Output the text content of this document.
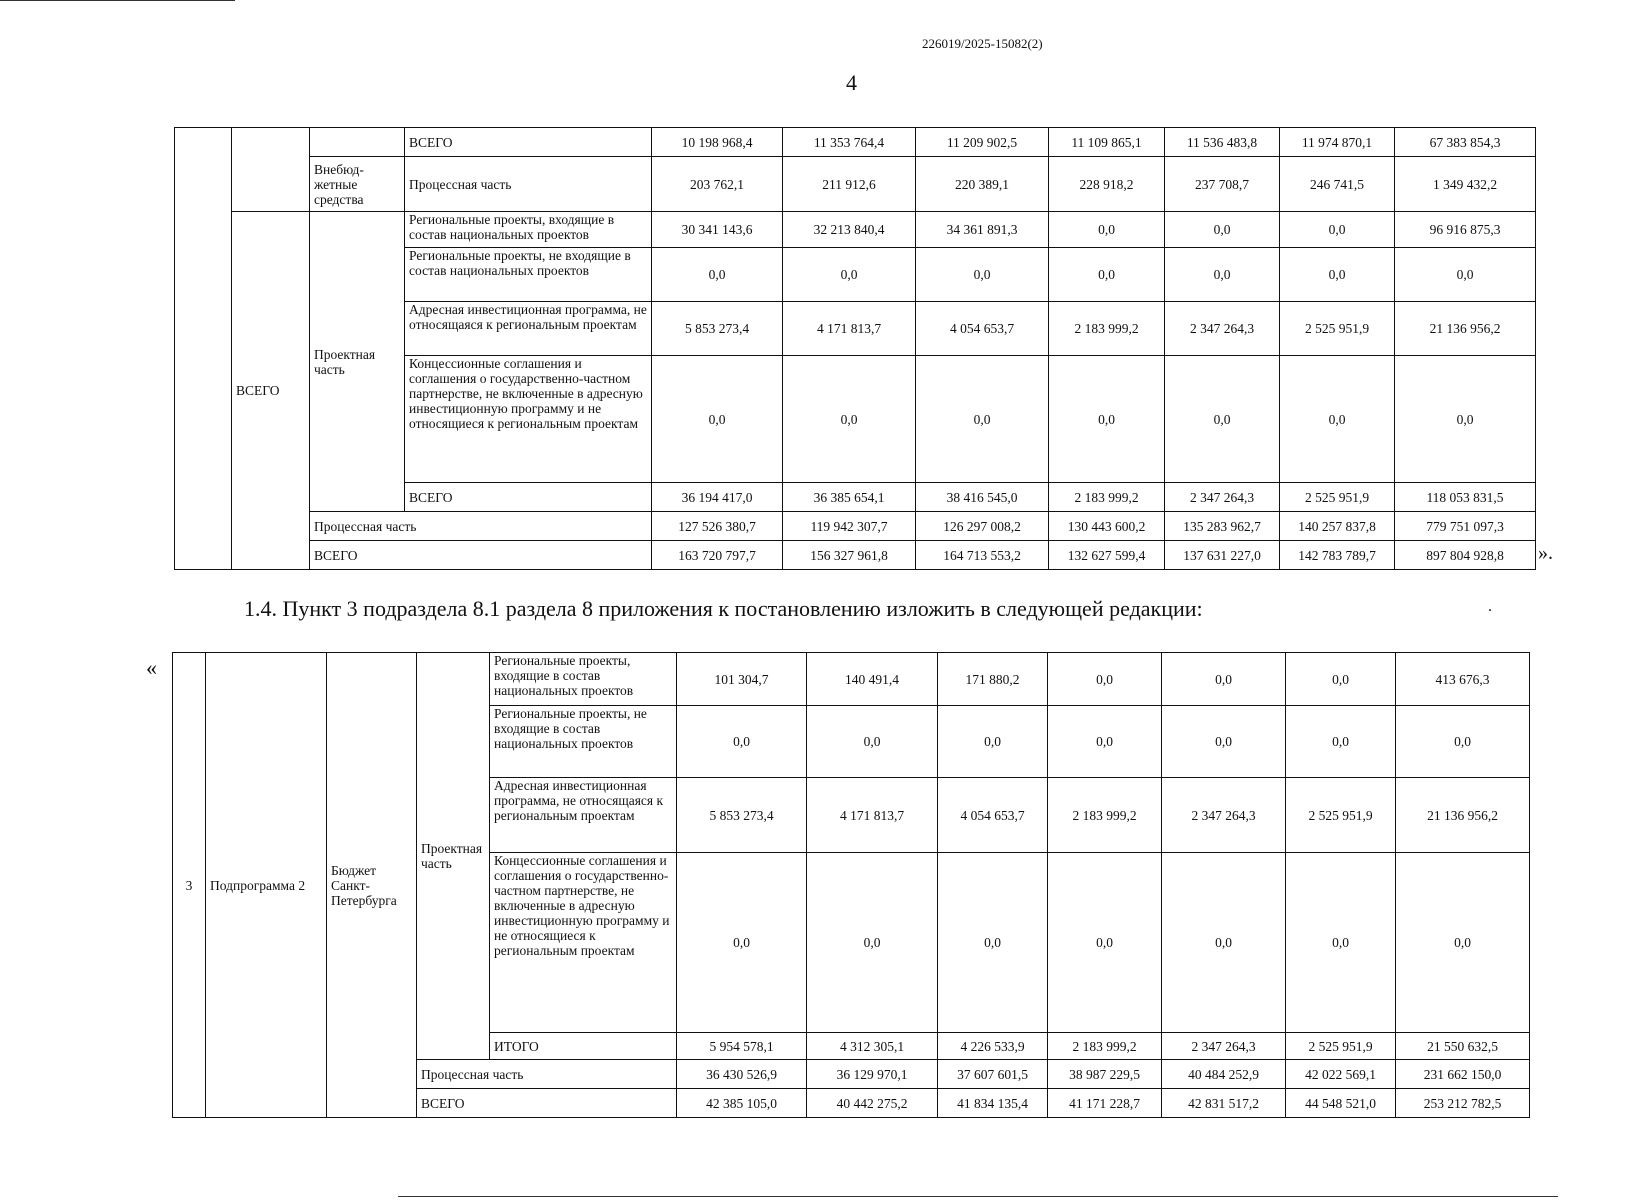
226019/2025-15082(2)
4
			ВСЕГО	10 198 968,4	11 353 764,4	11 209 902,5	11 109 865,1	11 536 483,8	11 974 870,1	67 383 854,3
		Внебюд-жетные средства	Процессная часть	203 762,1	211 912,6	220 389,1	228 918,2	237 708,7	246 741,5	1 349 432,2
	ВСЕГО	Проектная часть	Региональные проекты, входящие в состав национальных проектов	30 341 143,6	32 213 840,4	34 361 891,3	0,0	0,0	0,0	96 916 875,3
			Региональные проекты, не входящие в состав национальных проектов	0,0	0,0	0,0	0,0	0,0	0,0	0,0
			Адресная инвестиционная программа, не относящаяся к региональным проектам	5 853 273,4	4 171 813,7	4 054 653,7	2 183 999,2	2 347 264,3	2 525 951,9	21 136 956,2
			Концессионные соглашения и соглашения о государственно-частном партнерстве, не включенные в адресную инвестиционную программу и не относящиеся к региональным проектам	0,0	0,0	0,0	0,0	0,0	0,0	0,0
			ВСЕГО	36 194 417,0	36 385 654,1	38 416 545,0	2 183 999,2	2 347 264,3	2 525 951,9	118 053 831,5
		Процессная часть		127 526 380,7	119 942 307,7	126 297 008,2	130 443 600,2	135 283 962,7	140 257 837,8	779 751 097,3
		ВСЕГО		163 720 797,7	156 327 961,8	164 713 553,2	132 627 599,4	137 631 227,0	142 783 789,7	897 804 928,8 ».
1.4. Пункт 3 подраздела 8.1 раздела 8 приложения к постановлению изложить в следующей редакции:	.
«
3	Подпрограмма 2	Бюджет Санкт-Петербурга	Проектная часть	Региональные проекты, входящие в состав национальных проектов	101 304,7	140 491,4	171 880,2	0,0	0,0	0,0	413 676,3
				Региональные проекты, не входящие в состав национальных проектов	0,0	0,0	0,0	0,0	0,0	0,0	0,0
				Адресная инвестиционная программа, не относящаяся к региональным проектам	5 853 273,4	4 171 813,7	4 054 653,7	2 183 999,2	2 347 264,3	2 525 951,9	21 136 956,2
				Концессионные соглашения и соглашения о государственно-частном партнерстве, не включенные в адресную инвестиционную программу и не относящиеся к региональным проектам	0,0	0,0	0,0	0,0	0,0	0,0	0,0
				ИТОГО	5 954 578,1	4 312 305,1	4 226 533,9	2 183 999,2	2 347 264,3	2 525 951,9	21 550 632,5
			Процессная часть		36 430 526,9	36 129 970,1	37 607 601,5	38 987 229,5	40 484 252,9	42 022 569,1	231 662 150,0
			ВСЕГО		42 385 105,0	40 442 275,2	41 834 135,4	41 171 228,7	42 831 517,2	44 548 521,0	253 212 782,5
